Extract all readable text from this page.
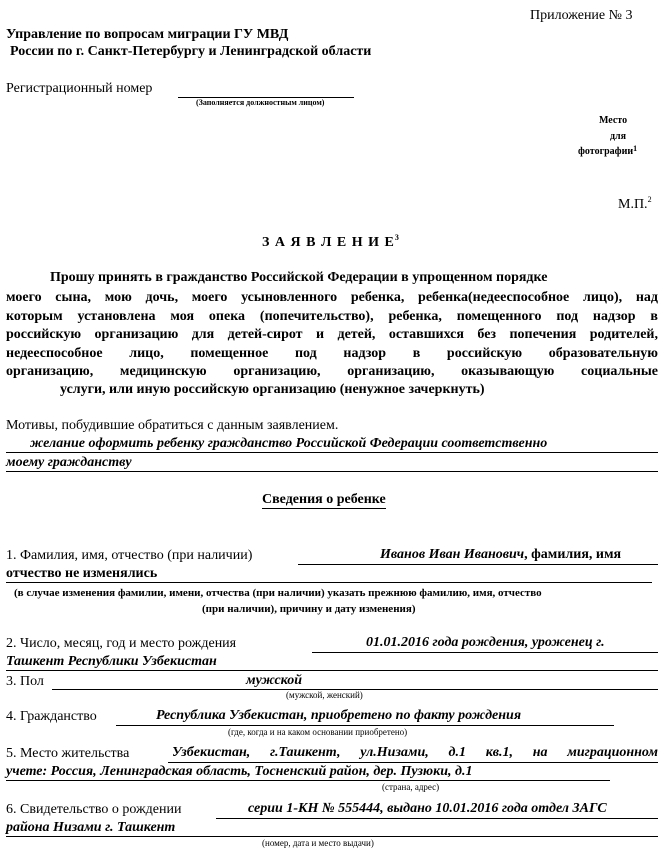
Приложение № 3
Управление по вопросам миграции ГУ МВД
России по г. Санкт-Петербургу и Ленинградской области
Регистрационный номер
(Заполняется должностным лицом)
Место
для
фотографии$^1$
М.П.$^2$
З А Я В Л Е Н И $Е^3$
Прошу принять в гражданство Российской Федерации в упрощенном порядке
моего сына, мою дочь, моего усыновленного ребенка, ребенка(недееспособное лицо), над
которым установлена моя опека (попечительство), ребенка, помещенного под надзор в
российскую организацию для детей-сирот и детей, оставшихся без попечения родителей,
недееспособное лицо, помещенное под надзор в российскую образовательную
организацию, медицинскую организацию, организацию, оказывающую социальные
услуги, или иную российскую организацию (ненужное зачеркнуть)
Мотивы, побудившие обратиться с данным заявлением.
желание оформить ребенку гражданство Российской Федерации соответственно
моему гражданству
Сведения о ребенке
1. Фамилия, имя, отчество (при наличии)	Иванов Иван Иванович, фамилия, имя
отчество не изменялись
(в случае изменения фамилии, имени, отчества (при наличии) указать прежнюю фамилию, имя, отчество
(при наличии), причину и дату изменения)
2. Число, месяц, год и место рождения	01.01.2016 года рождения, уроженец г.
Ташкент Республики Узбекистан
3. Пол	мужской
(мужской, женский)
4. Гражданство	Республика Узбекистан, приобретено по факту рождения
(где, когда и на каком основании приобретено)
5. Место жительства	Узбекистан, г.Ташкент, ул.Низами, д.1 кв.1, на миграционном
учете: Россия, Ленинградская область, Тосненский район, дер. Пузюки, д.1
(страна, адрес)
6. Свидетельство о рождении	серии 1-КН № 555444, выдано 10.01.2016 года отдел ЗАГС
района Низами г. Ташкент
(номер, дата и место выдачи)
